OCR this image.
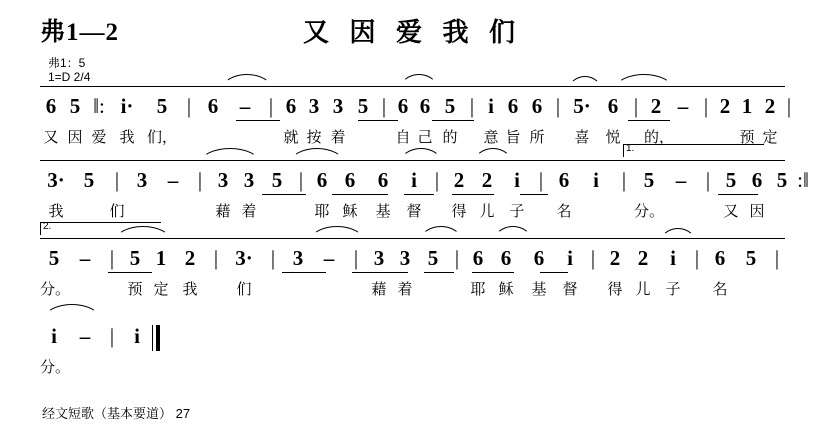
弗1—2	又 因 爱 我 们
弗1：5
1=D 2/4
6 5 ‖: i· 5 | 6 – | 6 3 3 5 | 6 6 5 | i 6 6 | 5· 6 | 2 – | 2 1 2 |
又 因 爱 我 们，	就 按 着	自 己 的 意 旨 所 喜 悦 的，	预 定
1.
3· 5 | 3 – | 3 3 5 | 6 6 6 i | 2 2 i | 6 i | 5 – | 5 6 5 :‖
我	们	藉 着	耶 稣 基 督 得 儿 子 名	分。	又 因
2.
5 – | 5 1 2 | 3· | 3 – | 3 3 5 | 6 6 6 i | 2 2 i | 6 5 |
分。	预 定 我	们	藉 着	耶 稣 基 督 得 儿 子 名
i – | i
分。
经文短歌（基本要道） 27
